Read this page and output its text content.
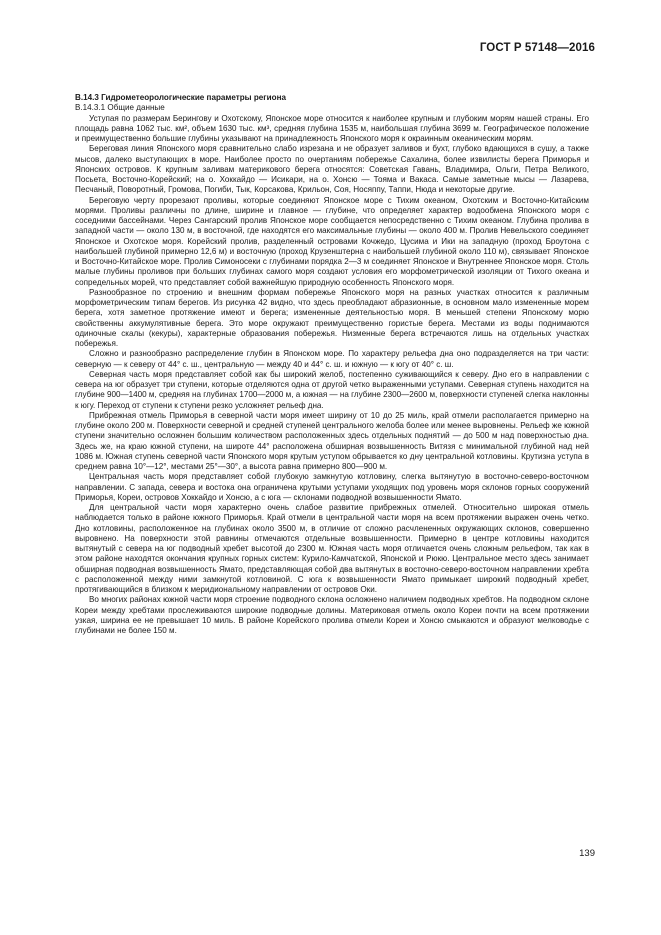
ГОСТ Р 57148—2016

В.14.3 Гидрометеорологические параметры региона

В.14.3.1 Общие данные

Уступая по размерам Берингову и Охотскому, Японское море относится к наиболее крупным и глубоким морям нашей страны. Его площадь равна 1062 тыс. км², объем 1630 тыс. км³, средняя глубина 1535 м, наибольшая глубина 3699 м. Географическое положение и преимущественно большие глубины указывают на принадлежность Японского моря к окраинным океаническим морям.

Береговая линия Японского моря сравнительно слабо изрезана и не образует заливов и бухт, глубоко вдающихся в сушу, а также мысов, далеко выступающих в море. Наиболее просто по очертаниям побережье Сахалина, более извилисты берега Приморья и Японских островов. К крупным заливам материкового берега относятся: Советская Гавань, Владимира, Ольги, Петра Великого, Посьета, Восточно-Корейский; на о. Хоккайдо — Исикари, на о. Хонсю — Тояма и Вакаса. Самые заметные мысы — Лазарева, Песчаный, Поворотный, Громова, Погиби, Тык, Корсакова, Крильон, Соя, Носяппу, Таппи, Нюда и некоторые другие.

Береговую черту прорезают проливы, которые соединяют Японское море с Тихим океаном, Охотским и Восточно-Китайским морями. Проливы различны по длине, ширине и главное — глубине, что определяет характер водообмена Японского моря с соседними бассейнами. Через Сангарский пролив Японское море сообщается непосредственно с Тихим океаном. Глубина пролива в западной части — около 130 м, в восточной, где находятся его максимальные глубины — около 400 м. Пролив Невельского соединяет Японское и Охотское моря. Корейский пролив, разделенный островами Кочжедо, Цусима и Ики на западную (проход Броутона с наибольшей глубиной примерно 12,6 м) и восточную (проход Крузенштерна с наибольшей глубиной около 110 м), связывает Японское и Восточно-Китайское море. Пролив Симоносеки с глубинами порядка 2—3 м соединяет Японское и Внутреннее Японское моря. Столь малые глубины проливов при больших глубинах самого моря создают условия его морфометрической изоляции от Тихого океана и сопредельных морей, что представляет собой важнейшую природную особенность Японского моря.

Разнообразное по строению и внешним формам побережье Японского моря на разных участках относится к различным морфометрическим типам берегов. Из рисунка 42 видно, что здесь преобладают абразионные, в основном мало измененные морем берега, хотя заметное протяжение имеют и берега; измененные деятельностью моря. В меньшей степени Японскому морю свойственны аккумулятивные берега. Это море окружают преимущественно гористые берега. Местами из воды поднимаются одиночные скалы (кекуры), характерные образования побережья. Низменные берега встречаются лишь на отдельных участках побережья.

Сложно и разнообразно распределение глубин в Японском море. По характеру рельефа дна оно подразделяется на три части: северную — к северу от 44° с. ш., центральную — между 40 и 44° с. ш. и южную — к югу от 40° с. ш.

Северная часть моря представляет собой как бы широкий желоб, постепенно суживающийся к северу. Дно его в направлении с севера на юг образует три ступени, которые отделяются одна от другой четко выраженными уступами. Северная ступень находится на глубине 900—1400 м, средняя на глубинах 1700—2000 м, а южная — на глубине 2300—2600 м, поверхности ступеней слегка наклонны к югу. Переход от ступени к ступени резко усложняет рельеф дна.

Прибрежная отмель Приморья в северной части моря имеет ширину от 10 до 25 миль, край отмели располагается примерно на глубине около 200 м. Поверхности северной и средней ступеней центрального желоба более или менее выровнены. Рельеф же южной ступени значительно осложнен большим количеством расположенных здесь отдельных поднятий — до 500 м над поверхностью дна. Здесь же, на краю южной ступени, на широте 44° расположена обширная возвышенность Витязя с минимальной глубиной над ней 1086 м. Южная ступень северной части Японского моря крутым уступом обрывается ко дну центральной котловины. Крутизна уступа в среднем равна 10°—12°, местами 25°—30°, а высота равна примерно 800—900 м.

Центральная часть моря представляет собой глубокую замкнутую котловину, слегка вытянутую в восточно-северо-восточном направлении. С запада, севера и востока она ограничена крутыми уступами уходящих под уровень моря склонов горных сооружений Приморья, Кореи, островов Хоккайдо и Хонсю, а с юга — склонами подводной возвышенности Ямато.

Для центральной части моря характерно очень слабое развитие прибрежных отмелей. Относительно широкая отмель наблюдается только в районе южного Приморья. Край отмели в центральной части моря на всем протяжении выражен очень четко. Дно котловины, расположенное на глубинах около 3500 м, в отличие от сложно расчлененных окружающих склонов, совершенно выровнено. На поверхности этой равнины отмечаются отдельные возвышенности. Примерно в центре котловины находится вытянутый с севера на юг подводный хребет высотой до 2300 м. Южная часть моря отличается очень сложным рельефом, так как в этом районе находятся окончания крупных горных систем: Курило-Камчатской, Японской и Рюкю. Центральное место здесь занимает обширная подводная возвышенность Ямато, представляющая собой два вытянутых в восточно-северо-восточном направлении хребта с расположенной между ними замкнутой котловиной. С юга к возвышенности Ямато примыкает широкий подводный хребет, протягивающийся в близком к меридиональному направлении от островов Оки.

Во многих районах южной части моря строение подводного склона осложнено наличием подводных хребтов. На подводном склоне Кореи между хребтами прослеживаются широкие подводные долины. Материковая отмель около Кореи почти на всем протяжении узкая, ширина ее не превышает 10 миль. В районе Корейского пролива отмели Кореи и Хонсю смыкаются и образуют мелководье с глубинами не более 150 м.

139
